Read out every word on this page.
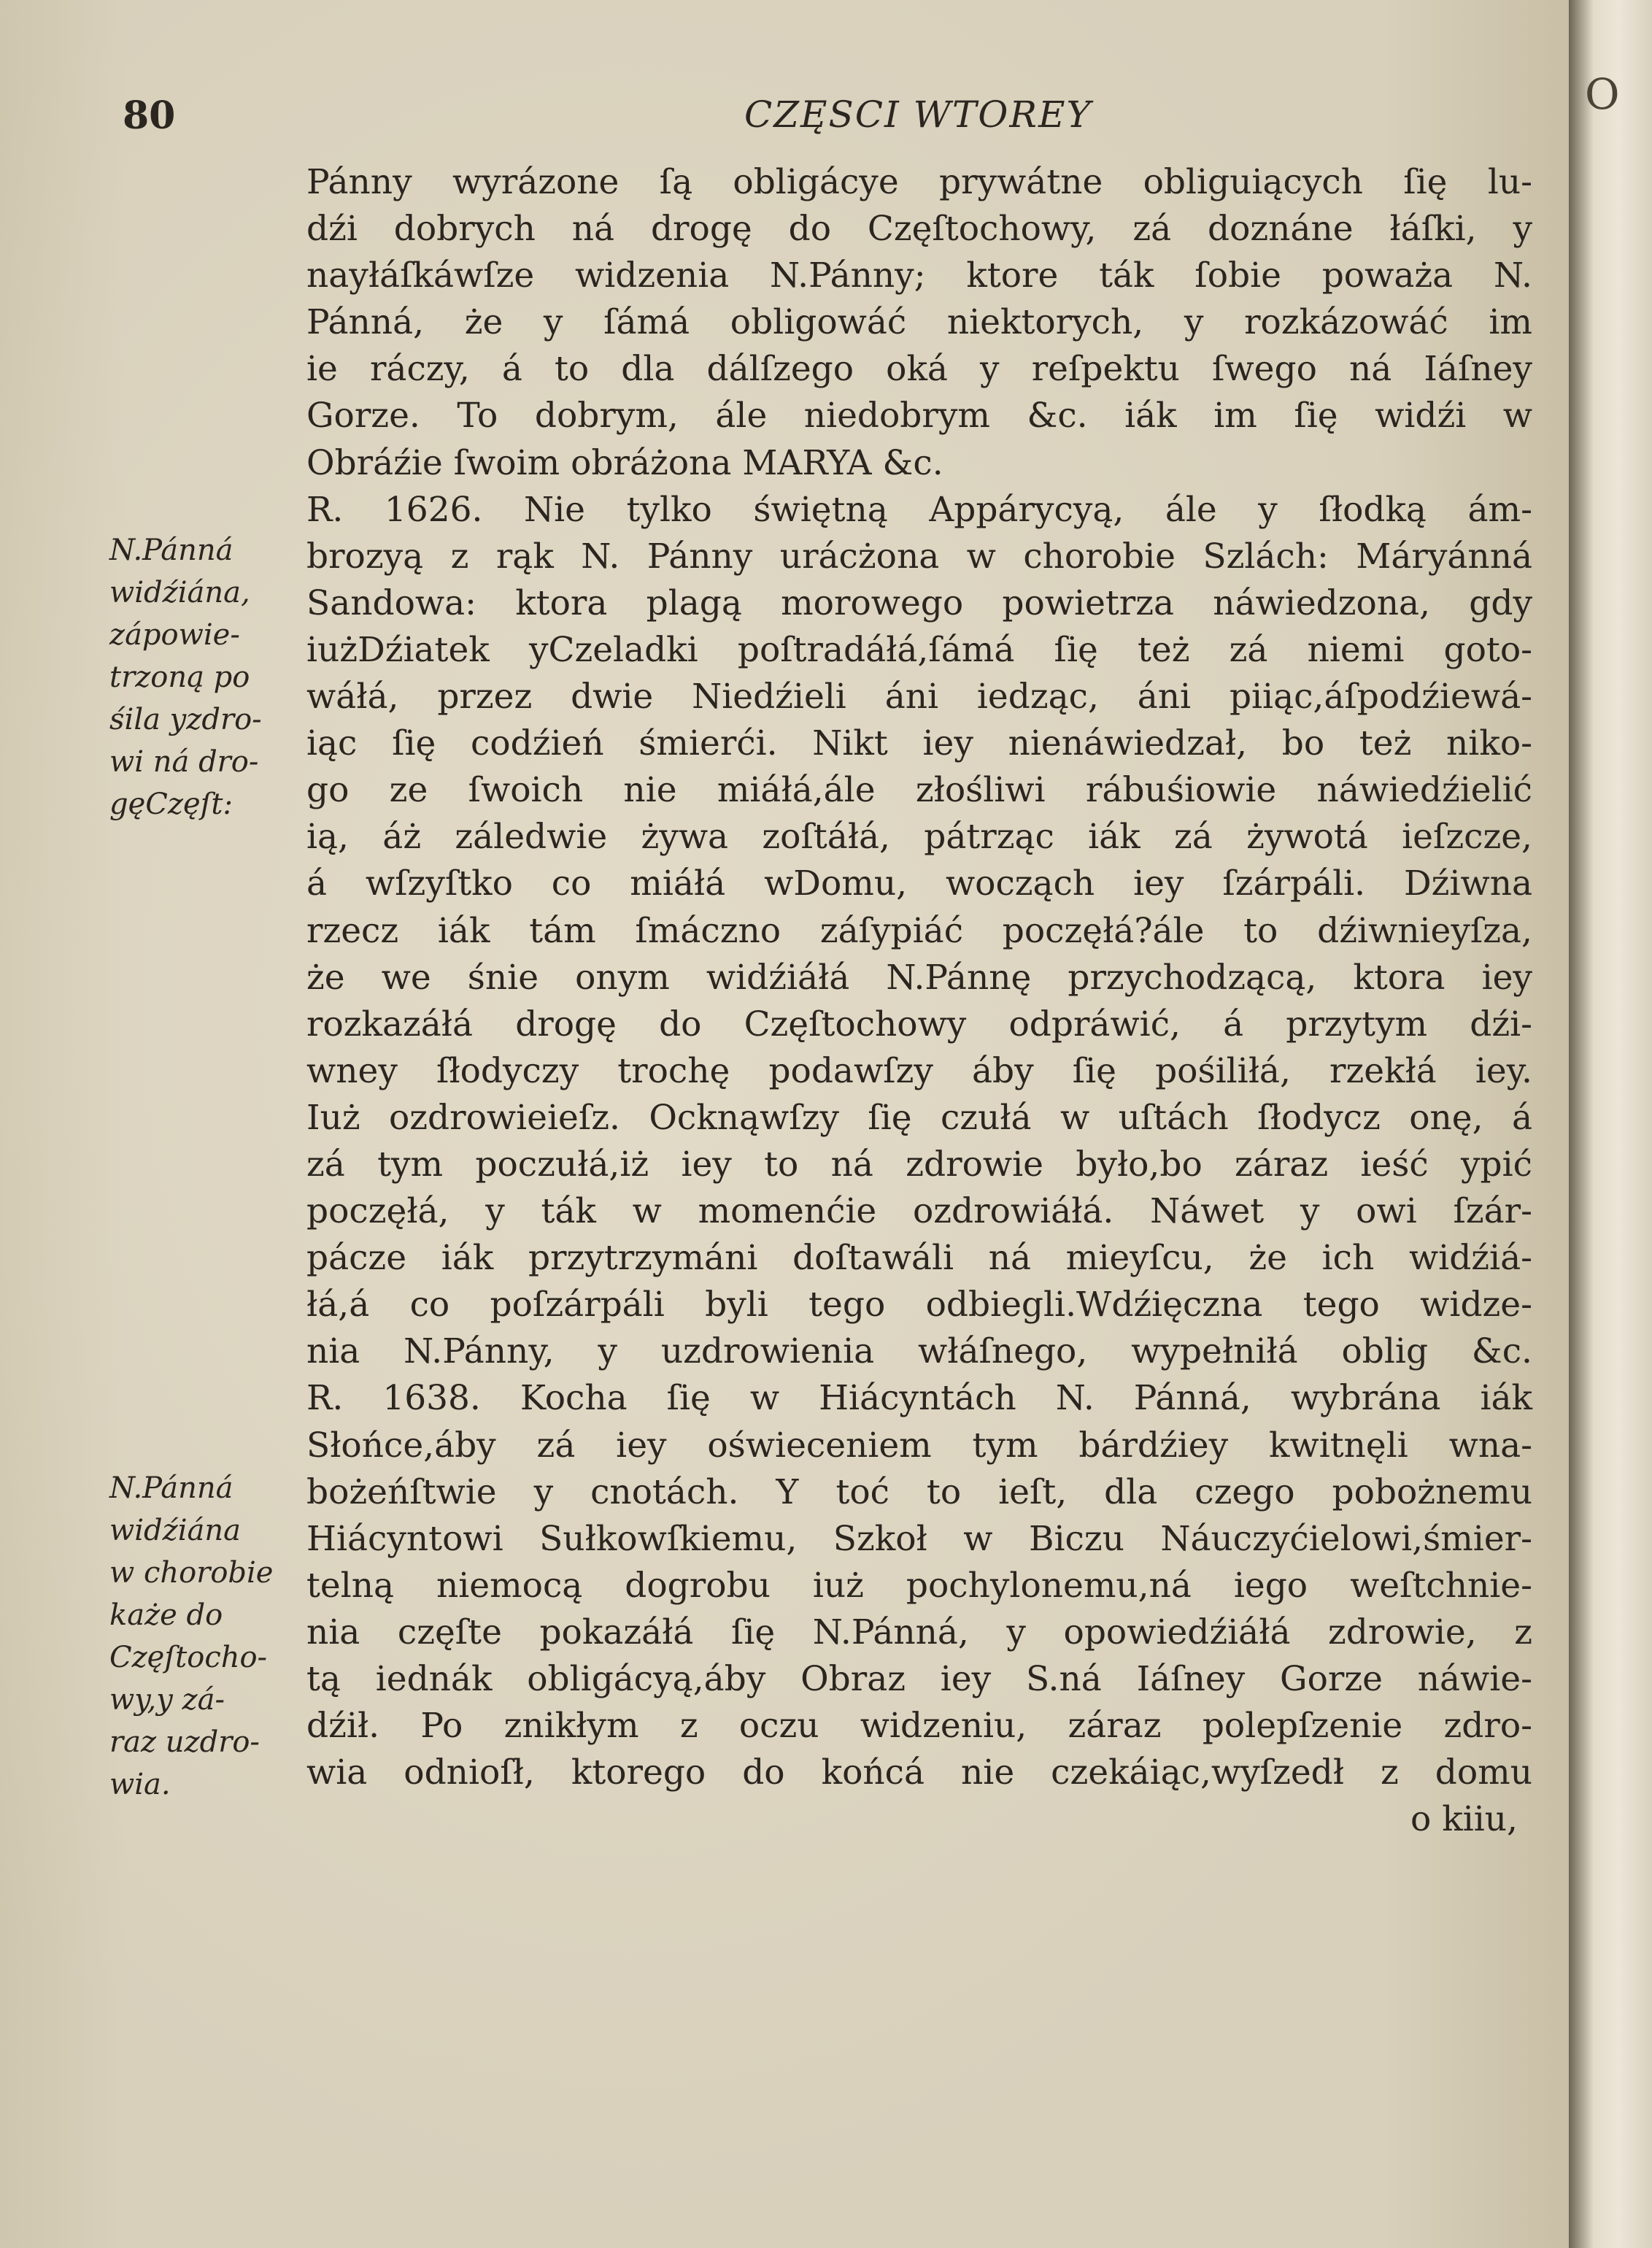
80	CZĘSCI WTOREY
N.Pánná
widźiána,
zápowie-
trzoną po
śila yzdro-
wi ná dro-
gęCzęſt:
N.Pánná
widźiána
w chorobie
każe do
Częſtocho-
wy,y zá-
raz uzdro-
wia.
Pánny wyrázone ſą obligácye prywátne obliguiących ſię lu-
dźi dobrych ná drogę do Częſtochowy, zá doznáne łáſki, y
nayłáſkáwſze widzenia N.Pánny; ktore ták ſobie poważa N.
Pánná, że y ſámá obligowáć niektorych, y rozkázowáć im
ie ráczy, á to dla dálſzego oká y reſpektu ſwego ná Iáſney
Gorze. To dobrym, ále niedobrym &c. iák im ſię widźi w
Obráźie ſwoim obráżona MARYA &c.
R. 1626. Nie tylko świętną Appárycyą, ále y ſłodką ám-
brozyą z rąk N. Pánny urácżona w chorobie Szlách: Máryánná
Sandowa: ktora plagą morowego powietrza náwiedzona, gdy
iużDźiatek yCzeladki poſtradáłá,ſámá ſię też zá niemi goto-
wáłá, przez dwie Niedźieli áni iedząc, áni piiąc,áſpodźiewá-
iąc ſię codźień śmierći. Nikt iey nienáwiedzał, bo też niko-
go ze ſwoich nie miáłá,ále złośliwi rábuśiowie náwiedźielić
ią, áż záledwie żywa zoſtáłá, pátrząc iák zá żywotá ieſzcze,
á wſzyſtko co miáłá wDomu, wocząch iey ſzárpáli. Dźiwna
rzecz iák tám ſmáczno záſypiáć poczęłá?ále to dźiwnieyſza,
że we śnie onym widźiáłá N.Pánnę przychodzącą, ktora iey
rozkazáłá drogę do Częſtochowy odpráwić, á przytym dźi-
wney ſłodyczy trochę podawſzy áby ſię pośiliłá, rzekłá iey.
Iuż ozdrowieieſz. Ocknąwſzy ſię czułá w uſtách ſłodycz onę, á
zá tym poczułá,iż iey to ná zdrowie było,bo záraz ieść ypić
poczęłá, y ták w momenćie ozdrowiáłá. Náwet y owi ſzár-
pácze iák przytrzymáni doſtawáli ná mieyſcu, że ich widźiá-
łá,á co poſzárpáli byli tego odbiegli.Wdźięczna tego widze-
nia N.Pánny, y uzdrowienia włáſnego, wypełniłá oblig &c.
R. 1638. Kocha ſię w Hiácyntách N. Pánná, wybrána iák
Słońce,áby zá iey oświeceniem tym bárdźiey kwitnęli wna-
bożeńſtwie y cnotách. Y toć to ieſt, dla czego pobożnemu
Hiácyntowi Sułkowſkiemu, Szkoł w Biczu Náuczyćielowi,śmier-
telną niemocą dogrobu iuż pochylonemu,ná iego weſtchnie-
nia częſte pokazáłá ſię N.Pánná, y opowiedźiáłá zdrowie, z
tą iednák obligácyą,áby Obraz iey S.ná Iáſney Gorze náwie-
dźił. Po znikłym z oczu widzeniu, záraz polepſzenie zdro-
wia odnioſł, ktorego do końcá nie czekáiąc,wyſzedł z domu
o kiiu,
O
